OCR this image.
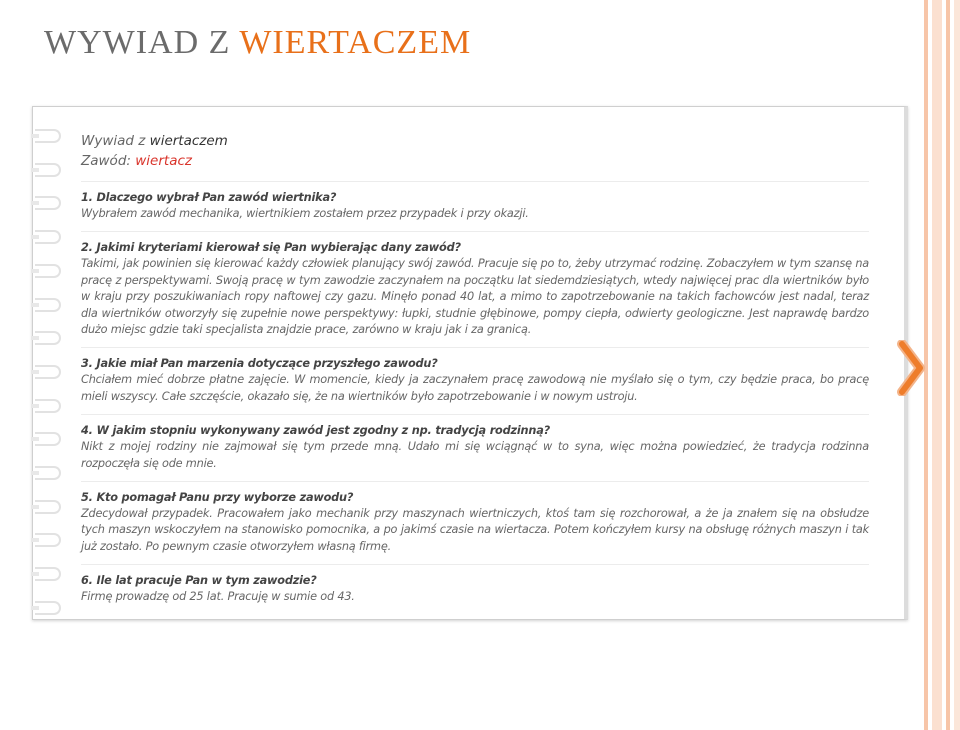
WYWIAD Z WIERTACZEM
Wywiad z wiertaczem
Zawód: wiertacz
1. Dlaczego wybrał Pan zawód wiertnika?
Wybrałem zawód mechanika, wiertnikiem zostałem przez przypadek i przy okazji.
2. Jakimi kryteriami kierował się Pan wybierając dany zawód?
Takimi, jak powinien się kierować każdy człowiek planujący swój zawód. Pracuje się po to, żeby utrzymać rodzinę. Zobaczyłem w tym szansę na pracę z perspektywami. Swoją pracę w tym zawodzie zaczynałem na początku lat siedemdziesiątych, wtedy najwięcej prac dla wiertników było w kraju przy poszukiwaniach ropy naftowej czy gazu. Minęło ponad 40 lat, a mimo to zapotrzebowanie na takich fachowców jest nadal, teraz dla wiertników otworzyły się zupełnie nowe perspektywy: łupki, studnie głębinowe, pompy ciepła, odwierty geologiczne. Jest naprawdę bardzo dużo miejsc gdzie taki specjalista znajdzie prace, zarówno w kraju jak i za granicą.
3. Jakie miał Pan marzenia dotyczące przyszłego zawodu?
Chciałem mieć dobrze płatne zajęcie. W momencie, kiedy ja zaczynałem pracę zawodową nie myślało się o tym, czy będzie praca, bo pracę mieli wszyscy. Całe szczęście, okazało się, że na wiertników było zapotrzebowanie i w nowym ustroju.
4. W jakim stopniu wykonywany zawód jest zgodny z np. tradycją rodzinną?
Nikt z mojej rodziny nie zajmował się tym przede mną. Udało mi się wciągnąć w to syna, więc można powiedzieć, że tradycja rodzinna rozpoczęła się ode mnie.
5. Kto pomagał Panu przy wyborze zawodu?
Zdecydował przypadek. Pracowałem jako mechanik przy maszynach wiertniczych, ktoś tam się rozchorował, a że ja znałem się na obsłudze tych maszyn wskoczyłem na stanowisko pomocnika, a po jakimś czasie na wiertacza. Potem kończyłem kursy na obsługę różnych maszyn i tak już zostało. Po pewnym czasie otworzyłem własną firmę.
6. Ile lat pracuje Pan w tym zawodzie?
Firmę prowadzę od 25 lat. Pracuję w sumie od 43.
